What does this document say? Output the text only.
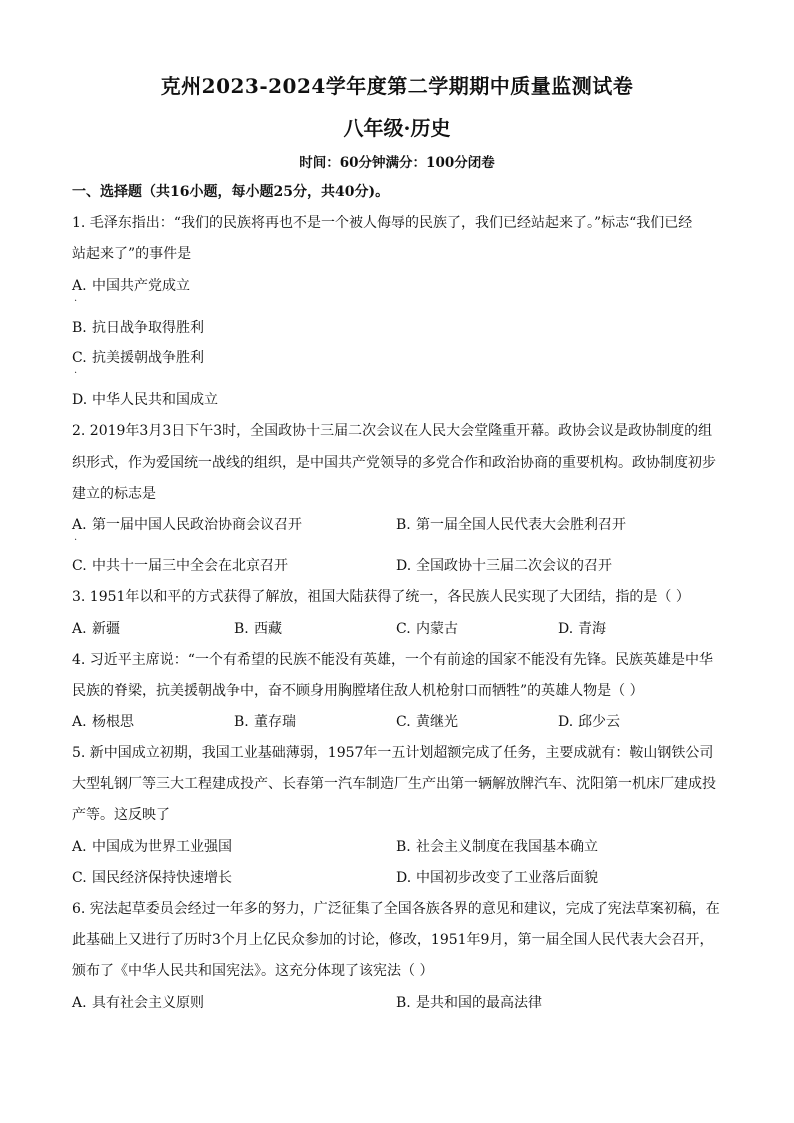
克州2023-2024学年度第二学期期中质量监测试卷
八年级·历史
时间：60分钟满分：100分闭卷
一、选择题（共16小题，每小题25分，共40分)。
1. 毛泽东指出：“我们的民族将再也不是一个被人侮辱的民族了，我们已经站起来了。”标志“我们已经
站起来了”的事件是
A. 中国共产党成立
.
B. 抗日战争取得胜利
C. 抗美援朝战争胜利
.
D. 中华人民共和国成立
2. 2019年3月3日下午3时，全国政协十三届二次会议在人民大会堂隆重开幕。政协会议是政协制度的组
织形式，作为爱国统一战线的组织，是中国共产党领导的多党合作和政治协商的重要机构。政协制度初步
建立的标志是
A. 第一届中国人民政治协商会议召开	B. 第一届全国人民代表大会胜利召开
.
C. 中共十一届三中全会在北京召开	D. 全国政协十三届二次会议的召开
3. 1951年以和平的方式获得了解放，祖国大陆获得了统一，各民族人民实现了大团结，指的是（ ）
A. 新疆	B. 西藏	C. 内蒙古	D. 青海
4. 习近平主席说：“一个有希望的民族不能没有英雄，一个有前途的国家不能没有先锋。民族英雄是中华
民族的脊梁，抗美援朝战争中，奋不顾身用胸膛堵住敌人机枪射口而牺牲”的英雄人物是（ ）
A. 杨根思	B. 董存瑞	C. 黄继光	D. 邱少云
5. 新中国成立初期，我国工业基础薄弱，1957年一五计划超额完成了任务，主要成就有：鞍山钢铁公司
大型轧钢厂等三大工程建成投产、长春第一汽车制造厂生产出第一辆解放牌汽车、沈阳第一机床厂建成投
产等。这反映了
A. 中国成为世界工业强国	B. 社会主义制度在我国基本确立
C. 国民经济保持快速增长	D. 中国初步改变了工业落后面貌
6. 宪法起草委员会经过一年多的努力，广泛征集了全国各族各界的意见和建议，完成了宪法草案初稿，在
此基础上又进行了历时3个月上亿民众参加的讨论，修改，1951年9月，第一届全国人民代表大会召开，
颁布了《中华人民共和国宪法》。这充分体现了该宪法（ ）
A. 具有社会主义原则	B. 是共和国的最高法律
